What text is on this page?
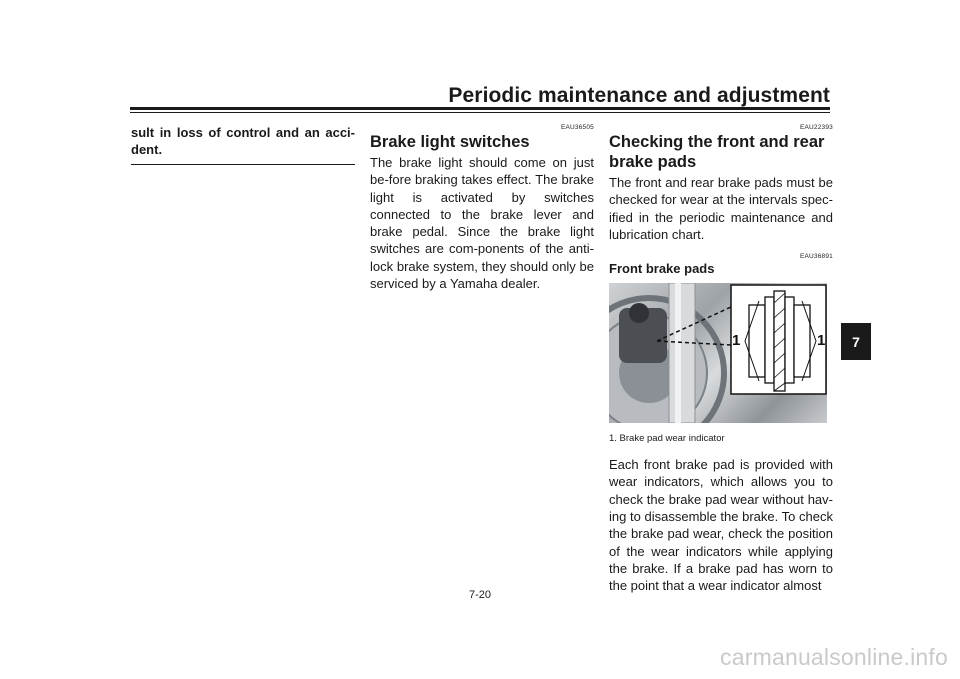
Periodic maintenance and adjustment
sult in loss of control and an acci-dent.
EAU36505
Brake light switches

The brake light should come on just be-fore braking takes effect. The brake light is activated by switches connected to the brake lever and brake pedal. Since the brake light switches are com-ponents of the anti-lock brake system, they should only be serviced by a Yamaha dealer.

EAU22393
Checking the front and rear brake pads

The front and rear brake pads must be checked for wear at the intervals spec-ified in the periodic maintenance and lubrication chart.

EAU36891
Front brake pads
1	1
1. Brake pad wear indicator

Each front brake pad is provided with wear indicators, which allows you to check the brake pad wear without hav-ing to disassemble the brake. To check the brake pad wear, check the position of the wear indicators while applying the brake. If a brake pad has worn to the point that a wear indicator almost

7
7-20
carmanualsonline.info
